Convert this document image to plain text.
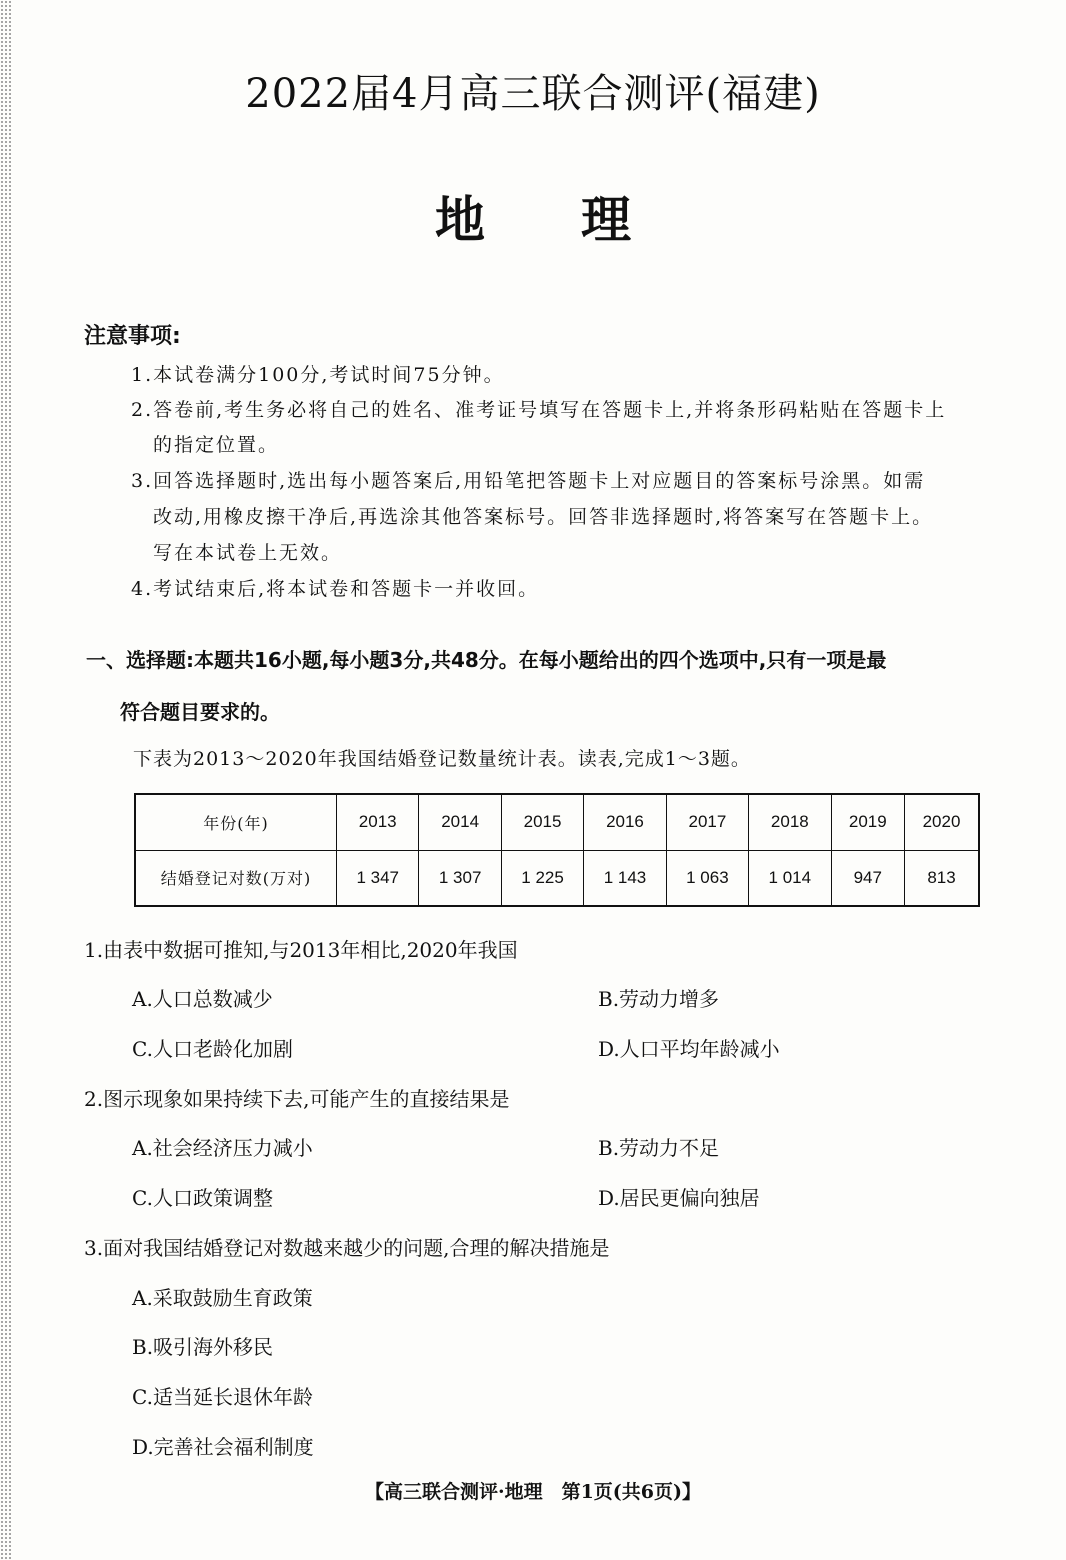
2022届4月高三联合测评(福建)
地理
注意事项:
1.本试卷满分100分,考试时间75分钟。
2.答卷前,考生务必将自己的姓名、准考证号填写在答题卡上,并将条形码粘贴在答题卡上
的指定位置。
3.回答选择题时,选出每小题答案后,用铅笔把答题卡上对应题目的答案标号涂黑。如需
改动,用橡皮擦干净后,再选涂其他答案标号。回答非选择题时,将答案写在答题卡上。
写在本试卷上无效。
4.考试结束后,将本试卷和答题卡一并收回。
一、选择题:本题共16小题,每小题3分,共48分。在每小题给出的四个选项中,只有一项是最
符合题目要求的。
下表为2013～2020年我国结婚登记数量统计表。读表,完成1～3题。
年份(年)	2013	2014	2015	2016	2017	2018	2019	2020
结婚登记对数(万对)	1 347	1 307	1 225	1 143	1 063	1 014	947	813
1.由表中数据可推知,与2013年相比,2020年我国
A.人口总数减少	B.劳动力增多
C.人口老龄化加剧	D.人口平均年龄减小
2.图示现象如果持续下去,可能产生的直接结果是
A.社会经济压力减小	B.劳动力不足
C.人口政策调整	D.居民更偏向独居
3.面对我国结婚登记对数越来越少的问题,合理的解决措施是
A.采取鼓励生育政策
B.吸引海外移民
C.适当延长退休年龄
D.完善社会福利制度
【高三联合测评·地理　第1页(共6页)】
